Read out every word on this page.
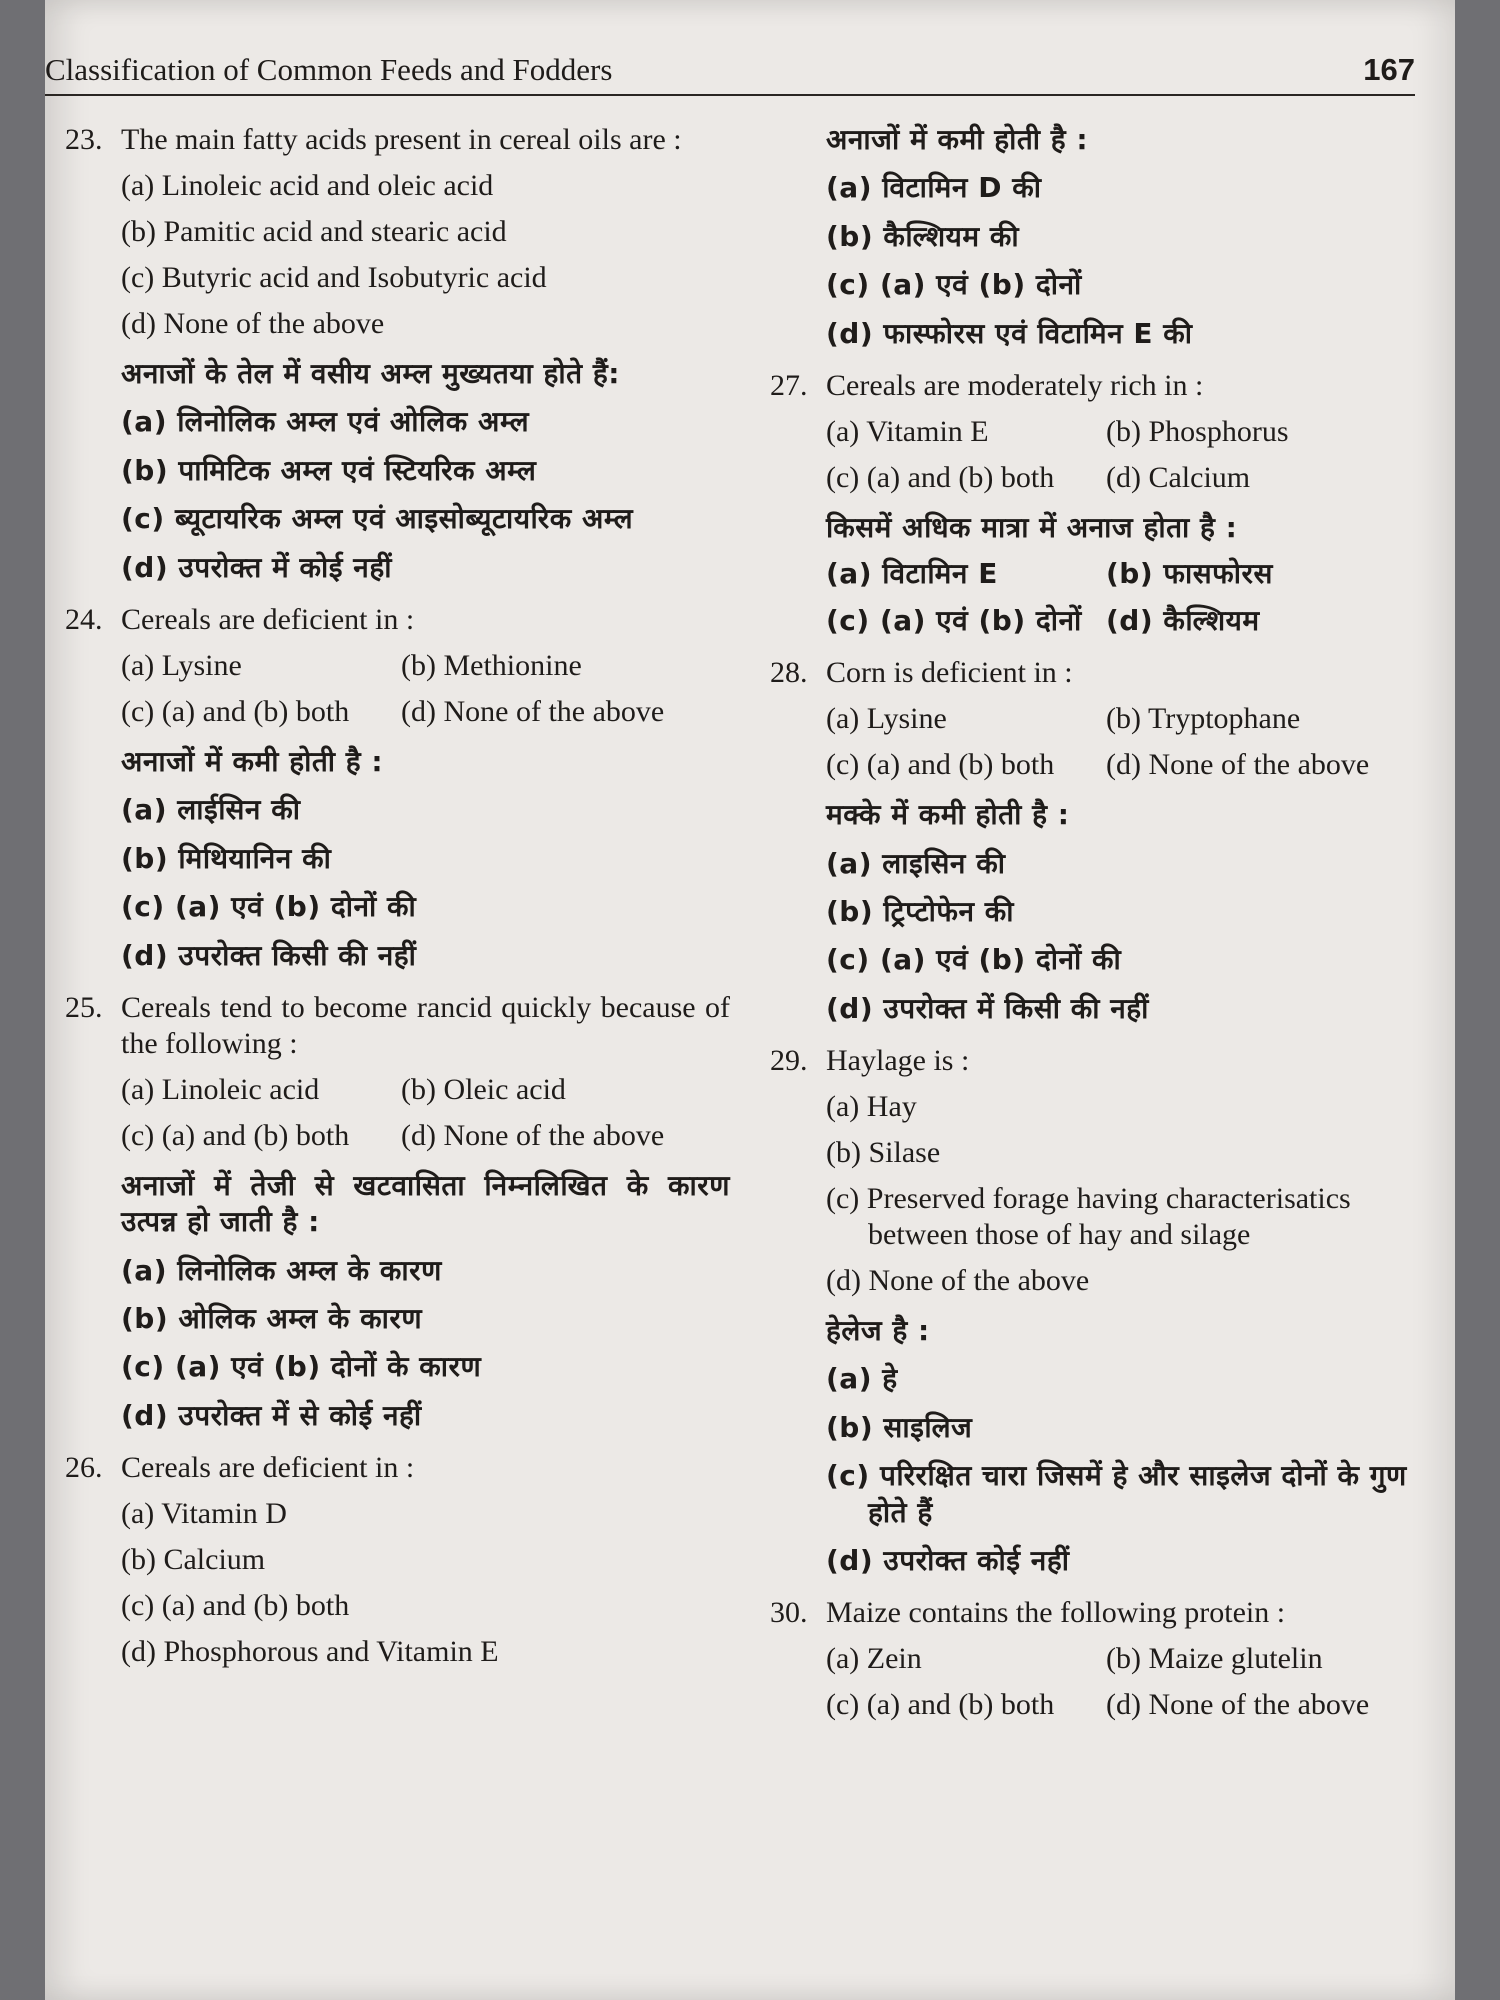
Classification of Common Feeds and Fodders	167
23. The main fatty acids present in cereal oils are :
(a) Linoleic acid and oleic acid
(b) Pamitic acid and stearic acid
(c) Butyric acid and Isobutyric acid
(d) None of the above
अनाजों के तेल में वसीय अम्ल मुख्यतया होते हैं:
(a) लिनोलिक अम्ल एवं ओलिक अम्ल
(b) पामिटिक अम्ल एवं स्टियरिक अम्ल
(c) ब्यूटायरिक अम्ल एवं आइसोब्यूटायरिक अम्ल
(d) उपरोक्त में कोई नहीं
24. Cereals are deficient in :
(a) Lysine	(b) Methionine
(c) (a) and (b) both	(d) None of the above
अनाजों में कमी होती है :
(a) लाईसिन की
(b) मिथियानिन की
(c) (a) एवं (b) दोनों की
(d) उपरोक्त किसी की नहीं
25. Cereals tend to become rancid quickly because of the following :
(a) Linoleic acid	(b) Oleic acid
(c) (a) and (b) both	(d) None of the above
अनाजों में तेजी से खटवासिता निम्नलिखित के कारण उत्पन्न हो जाती है :
(a) लिनोलिक अम्ल के कारण
(b) ओलिक अम्ल के कारण
(c) (a) एवं (b) दोनों के कारण
(d) उपरोक्त में से कोई नहीं
26. Cereals are deficient in :
(a) Vitamin D
(b) Calcium
(c) (a) and (b) both
(d) Phosphorous and Vitamin E
अनाजों में कमी होती है :
(a) विटामिन D की
(b) कैल्शियम की
(c) (a) एवं (b) दोनों
(d) फास्फोरस एवं विटामिन E की
27. Cereals are moderately rich in :
(a) Vitamin E	(b) Phosphorus
(c) (a) and (b) both	(d) Calcium
किसमें अधिक मात्रा में अनाज होता है :
(a) विटामिन E	(b) फासफोरस
(c) (a) एवं (b) दोनों (d) कैल्शियम
28. Corn is deficient in :
(a) Lysine	(b) Tryptophane
(c) (a) and (b) both	(d) None of the above
मक्के में कमी होती है :
(a) लाइसिन की
(b) ट्रिप्टोफेन की
(c) (a) एवं (b) दोनों की
(d) उपरोक्त में किसी की नहीं
29. Haylage is :
(a) Hay
(b) Silase
(c) Preserved forage having characterisatics between those of hay and silage
(d) None of the above
हेलेज है :
(a) हे
(b) साइलिज
(c) परिरक्षित चारा जिसमें हे और साइलेज दोनों के गुण होते हैं
(d) उपरोक्त कोई नहीं
30. Maize contains the following protein :
(a) Zein	(b) Maize glutelin
(c) (a) and (b) both	(d) None of the above
